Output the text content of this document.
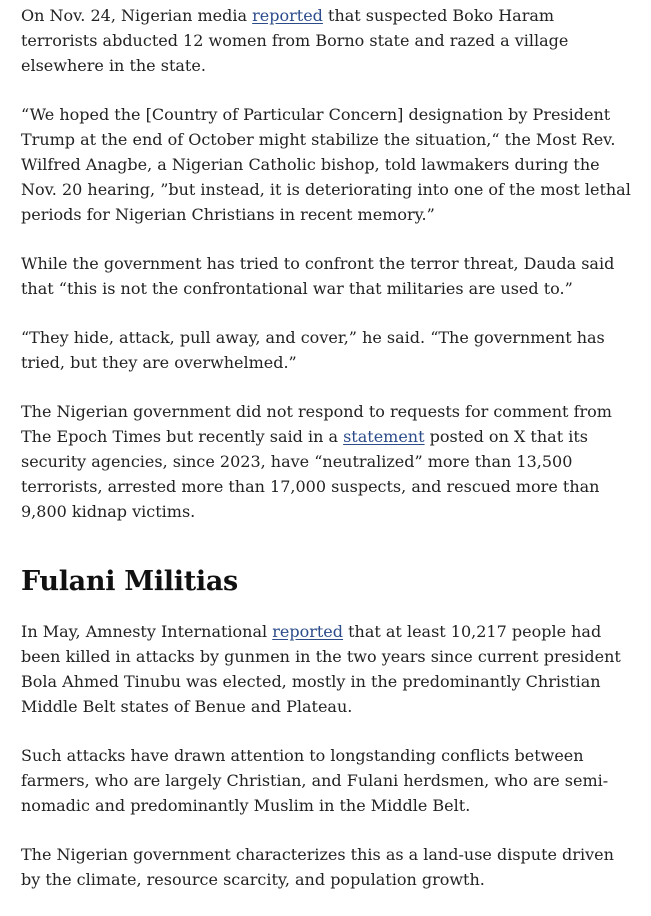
On Nov. 24, Nigerian media reported that suspected Boko Haram terrorists abducted 12 women from Borno state and razed a village elsewhere in the state.

“We hoped the [Country of Particular Concern] designation by President Trump at the end of October might stabilize the situation,“ the Most Rev. Wilfred Anagbe, a Nigerian Catholic bishop, told lawmakers during the Nov. 20 hearing, ”but instead, it is deteriorating into one of the most lethal periods for Nigerian Christians in recent memory.”

While the government has tried to confront the terror threat, Dauda said that “this is not the confrontational war that militaries are used to.”

“They hide, attack, pull away, and cover,” he said. “The government has tried, but they are overwhelmed.”

The Nigerian government did not respond to requests for comment from The Epoch Times but recently said in a statement posted on X that its security agencies, since 2023, have “neutralized” more than 13,500 terrorists, arrested more than 17,000 suspects, and rescued more than 9,800 kidnap victims.

Fulani Militias

In May, Amnesty International reported that at least 10,217 people had been killed in attacks by gunmen in the two years since current president Bola Ahmed Tinubu was elected, mostly in the predominantly Christian Middle Belt states of Benue and Plateau.

Such attacks have drawn attention to longstanding conflicts between farmers, who are largely Christian, and Fulani herdsmen, who are semi-nomadic and predominantly Muslim in the Middle Belt.

The Nigerian government characterizes this as a land-use dispute driven by the climate, resource scarcity, and population growth.
